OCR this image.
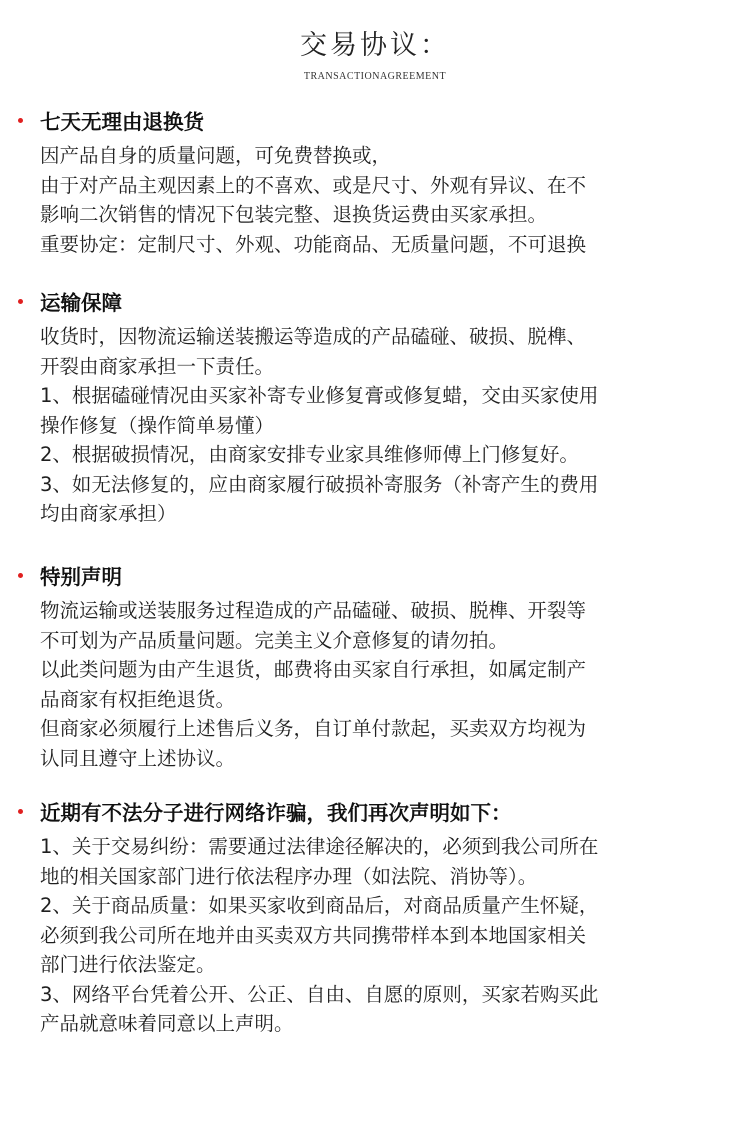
交易协议：
TRANSACTIONAGREEMENT
七天无理由退换货
因产品自身的质量问题，可免费替换或，
由于对产品主观因素上的不喜欢、或是尺寸、外观有异议、在不
影响二次销售的情况下包装完整、退换货运费由买家承担。
重要协定：定制尺寸、外观、功能商品、无质量问题，不可退换
运输保障
收货时，因物流运输送装搬运等造成的产品磕碰、破损、脱榫、
开裂由商家承担一下责任。
1、根据磕碰情况由买家补寄专业修复膏或修复蜡，交由买家使用
操作修复（操作简单易懂）
2、根据破损情况，由商家安排专业家具维修师傅上门修复好。
3、如无法修复的，应由商家履行破损补寄服务（补寄产生的费用
均由商家承担）
特别声明
物流运输或送装服务过程造成的产品磕碰、破损、脱榫、开裂等
不可划为产品质量问题。完美主义介意修复的请勿拍。
以此类问题为由产生退货，邮费将由买家自行承担，如属定制产
品商家有权拒绝退货。
但商家必须履行上述售后义务，自订单付款起，买卖双方均视为
认同且遵守上述协议。
近期有不法分子进行网络诈骗，我们再次声明如下：
1、关于交易纠纷：需要通过法律途径解决的，必须到我公司所在
地的相关国家部门进行依法程序办理（如法院、消协等）。
2、关于商品质量：如果买家收到商品后，对商品质量产生怀疑，
必须到我公司所在地并由买卖双方共同携带样本到本地国家相关
部门进行依法鉴定。
3、网络平台凭着公开、公正、自由、自愿的原则，买家若购买此
产品就意味着同意以上声明。
